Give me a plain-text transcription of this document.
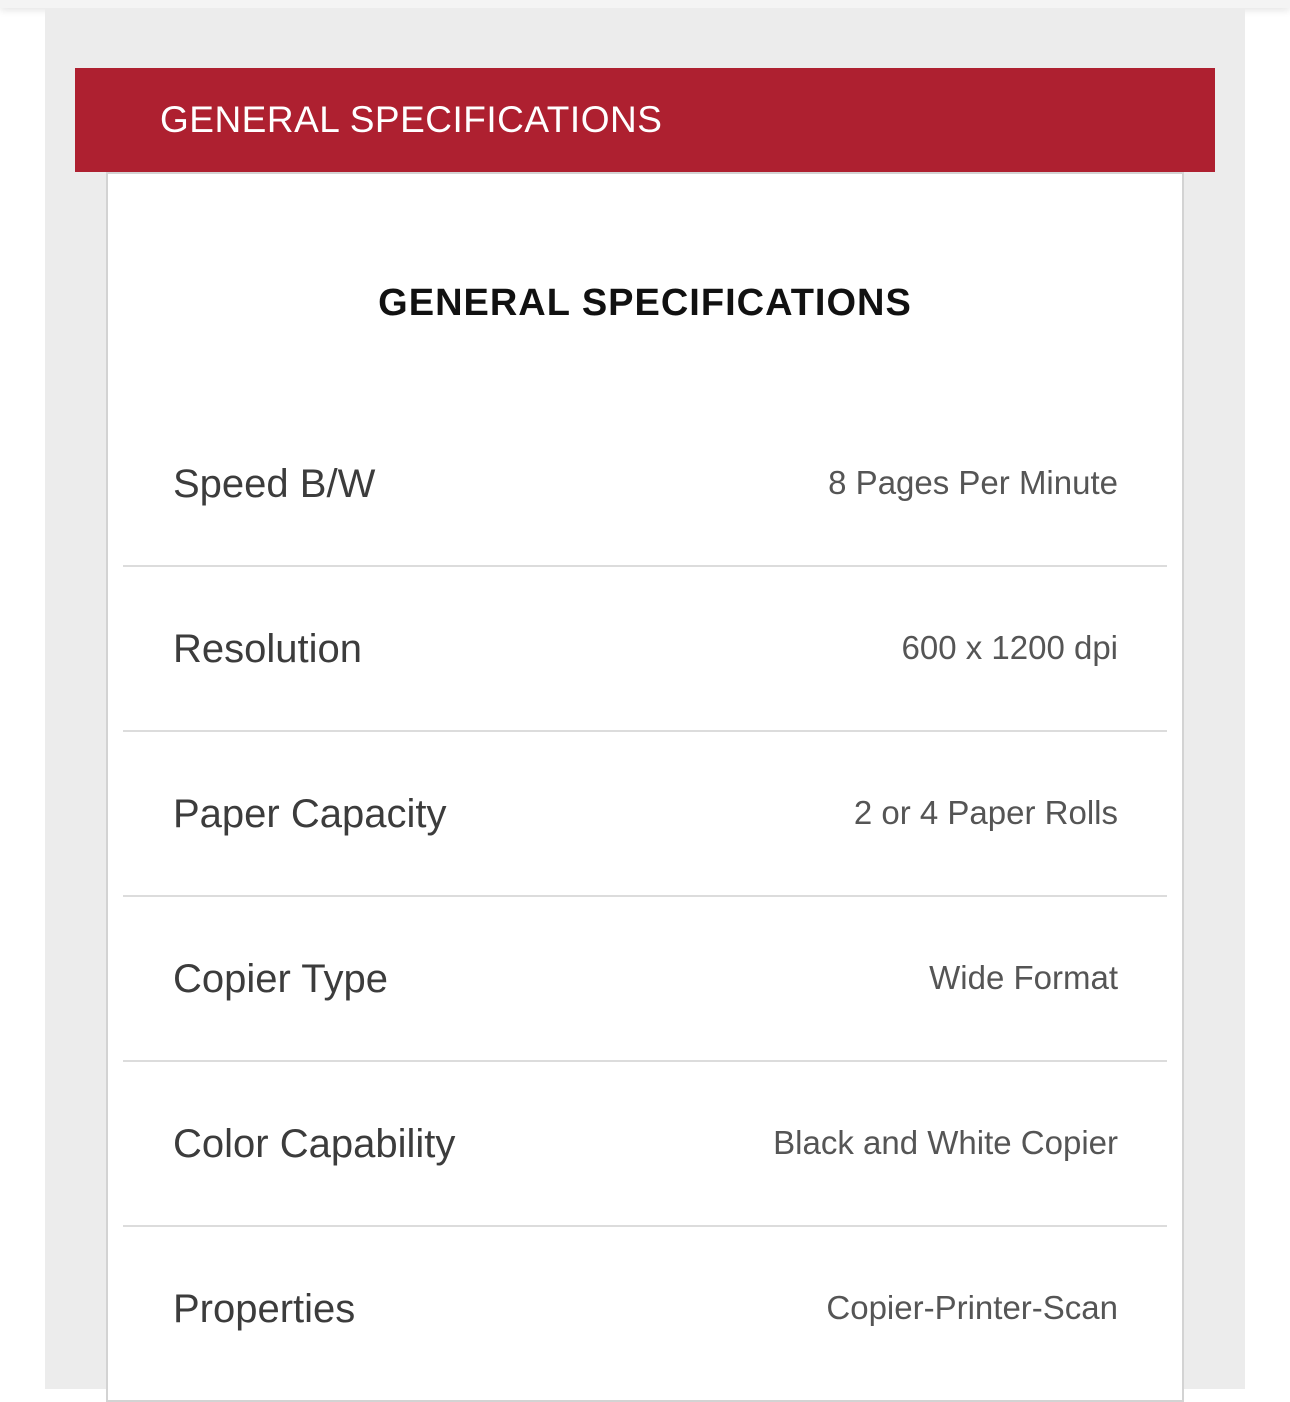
GENERAL SPECIFICATIONS
GENERAL SPECIFICATIONS
Speed B/W	8 Pages Per Minute
Resolution	600 x 1200 dpi
Paper Capacity	2 or 4 Paper Rolls
Copier Type	Wide Format
Color Capability	Black and White Copier
Properties	Copier-Printer-Scan
